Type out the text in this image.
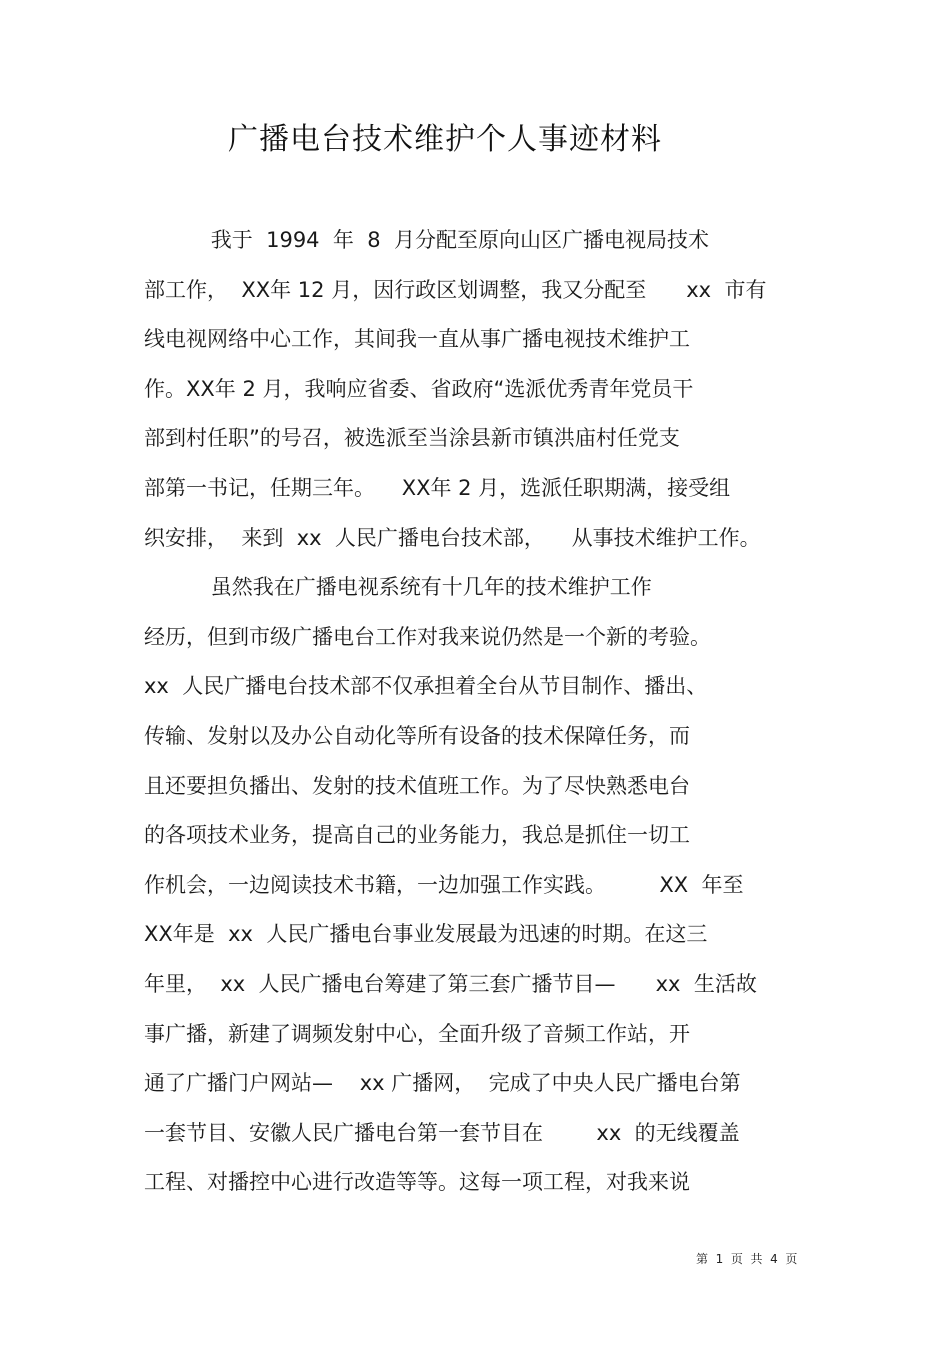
广播电台技术维护个人事迹材料
我于  1994  年  8  月分配至原向山区广播电视局技术
部工作，  XX年 12 月，因行政区划调整，我又分配至      xx  市有
线电视网络中心工作，其间我一直从事广播电视技术维护工
作。XX年 2 月，我响应省委、省政府“选派优秀青年党员干
部到村任职”的号召，被选派至当涂县新市镇洪庙村任党支
部第一书记，任期三年。    XX年 2 月，选派任职期满，接受组
织安排，  来到  xx  人民广播电台技术部，    从事技术维护工作。
虽然我在广播电视系统有十几年的技术维护工作
经历，但到市级广播电台工作对我来说仍然是一个新的考验。
xx  人民广播电台技术部不仅承担着全台从节目制作、播出、
传输、发射以及办公自动化等所有设备的技术保障任务，而
且还要担负播出、发射的技术值班工作。为了尽快熟悉电台
的各项技术业务，提高自己的业务能力，我总是抓住一切工
作机会，一边阅读技术书籍，一边加强工作实践。        XX  年至
XX年是  xx  人民广播电台事业发展最为迅速的时期。在这三
年里，  xx  人民广播电台筹建了第三套广播节目—      xx  生活故
事广播，新建了调频发射中心，全面升级了音频工作站，开
通了广播门户网站—    xx 广播网，  完成了中央人民广播电台第
一套节目、安徽人民广播电台第一套节目在        xx  的无线覆盖
工程、对播控中心进行改造等等。这每一项工程，对我来说
第  1  页  共  4  页
